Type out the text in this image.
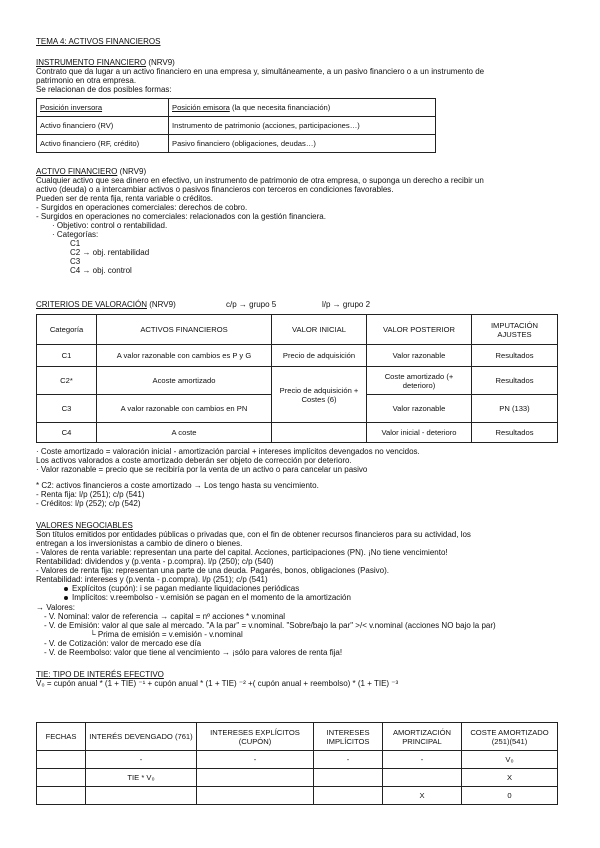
TEMA 4: ACTIVOS FINANCIEROS
INSTRUMENTO FINANCIERO (NRV9)
Contrato que da lugar a un activo financiero en una empresa y, simultáneamente, a un pasivo financiero o a un instrumento de
patrimonio en otra empresa.
Se relacionan de dos posibles formas:
Posición inversora	Posición emisora (la que necesita financiación)
Activo financiero (RV)	Instrumento de patrimonio (acciones, participaciones…)
Activo financiero (RF, crédito)	Pasivo financiero (obligaciones, deudas…)
ACTIVO FINANCIERO (NRV9)
Cualquier activo que sea dinero en efectivo, un instrumento de patrimonio de otra empresa, o suponga un derecho a recibir un
activo (deuda) o a intercambiar activos o pasivos financieros con terceros en condiciones favorables.
Pueden ser de renta fija, renta variable o créditos.
- Surgidos en operaciones comerciales: derechos de cobro.
- Surgidos en operaciones no comerciales: relacionados con la gestión financiera.
· Objetivo: control o rentabilidad.
· Categorías:
C1
C2 → obj. rentabilidad
C3
C4 → obj. control
CRITERIOS DE VALORACIÓN (NRV9)	c/p → grupo 5	l/p → grupo 2
Categoría	ACTIVOS FINANCIEROS	VALOR INICIAL	VALOR POSTERIOR	IMPUTACIÓN AJUSTES
C1	A valor razonable con cambios es P y G	Precio de adquisición	Valor razonable	Resultados
C2*	Acoste amortizado	Precio de adquisición + Costes (6)	Coste amortizado (+ deterioro)	Resultados
C3	A valor razonable con cambios en PN		Valor razonable	PN (133)
C4	A coste		Valor inicial - deterioro	Resultados
· Coste amortizado = valoración inicial - amortización parcial + intereses implícitos devengados no vencidos.
Los activos valorados a coste amortizado deberán ser objeto de corrección por deterioro.
· Valor razonable = precio que se recibiría por la venta de un activo o para cancelar un pasivo
* C2: activos financieros a coste amortizado → Los tengo hasta su vencimiento.
- Renta fija: l/p (251); c/p (541)
- Créditos: l/p (252); c/p (542)
VALORES NEGOCIABLES
Son títulos emitidos por entidades públicas o privadas que, con el fin de obtener recursos financieros para su actividad, los
entregan a los inversionistas a cambio de dinero o bienes.
- Valores de renta variable: representan una parte del capital. Acciones, participaciones (PN). ¡No tiene vencimiento!
Rentabilidad: dividendos y (p.venta - p.compra). l/p (250); c/p (540)
- Valores de renta fija: representan una parte de una deuda. Pagarés, bonos, obligaciones (Pasivo).
Rentabilidad: intereses y (p.venta - p.compra). l/p (251); c/p (541)
Explícitos (cupón): i se pagan mediante liquidaciones periódicas
Implícitos: v.reembolso - v.emisión se pagan en el momento de la amortización
→ Valores:
- V. Nominal: valor de referencia → capital = nº acciones * v.nominal
- V. de Emisión: valor al que sale al mercado. "A la par" = v.nominal. "Sobre/bajo la par" >/< v.nominal (acciones NO bajo la par)
└ Prima de emisión = v.emisión - v.nominal
- V. de Cotización: valor de mercado ese día
- V. de Reembolso: valor que tiene al vencimiento → ¡sólo para valores de renta fija!
TIE: TIPO DE INTERÉS EFECTIVO
V₀ = cupón anual * (1 + TIE) ⁻¹ + cupón anual * (1 + TIE) ⁻² +( cupón anual + reembolso) * (1 + TIE) ⁻³
FECHAS	INTERÉS DEVENGADO (761)	INTERESES EXPLÍCITOS (CUPÓN)	INTERESES IMPLÍCITOS	AMORTIZACIÓN PRINCIPAL	COSTE AMORTIZADO (251)(541)
	-	-	-	-	V₀
	TIE * V₀				X
				X	0
